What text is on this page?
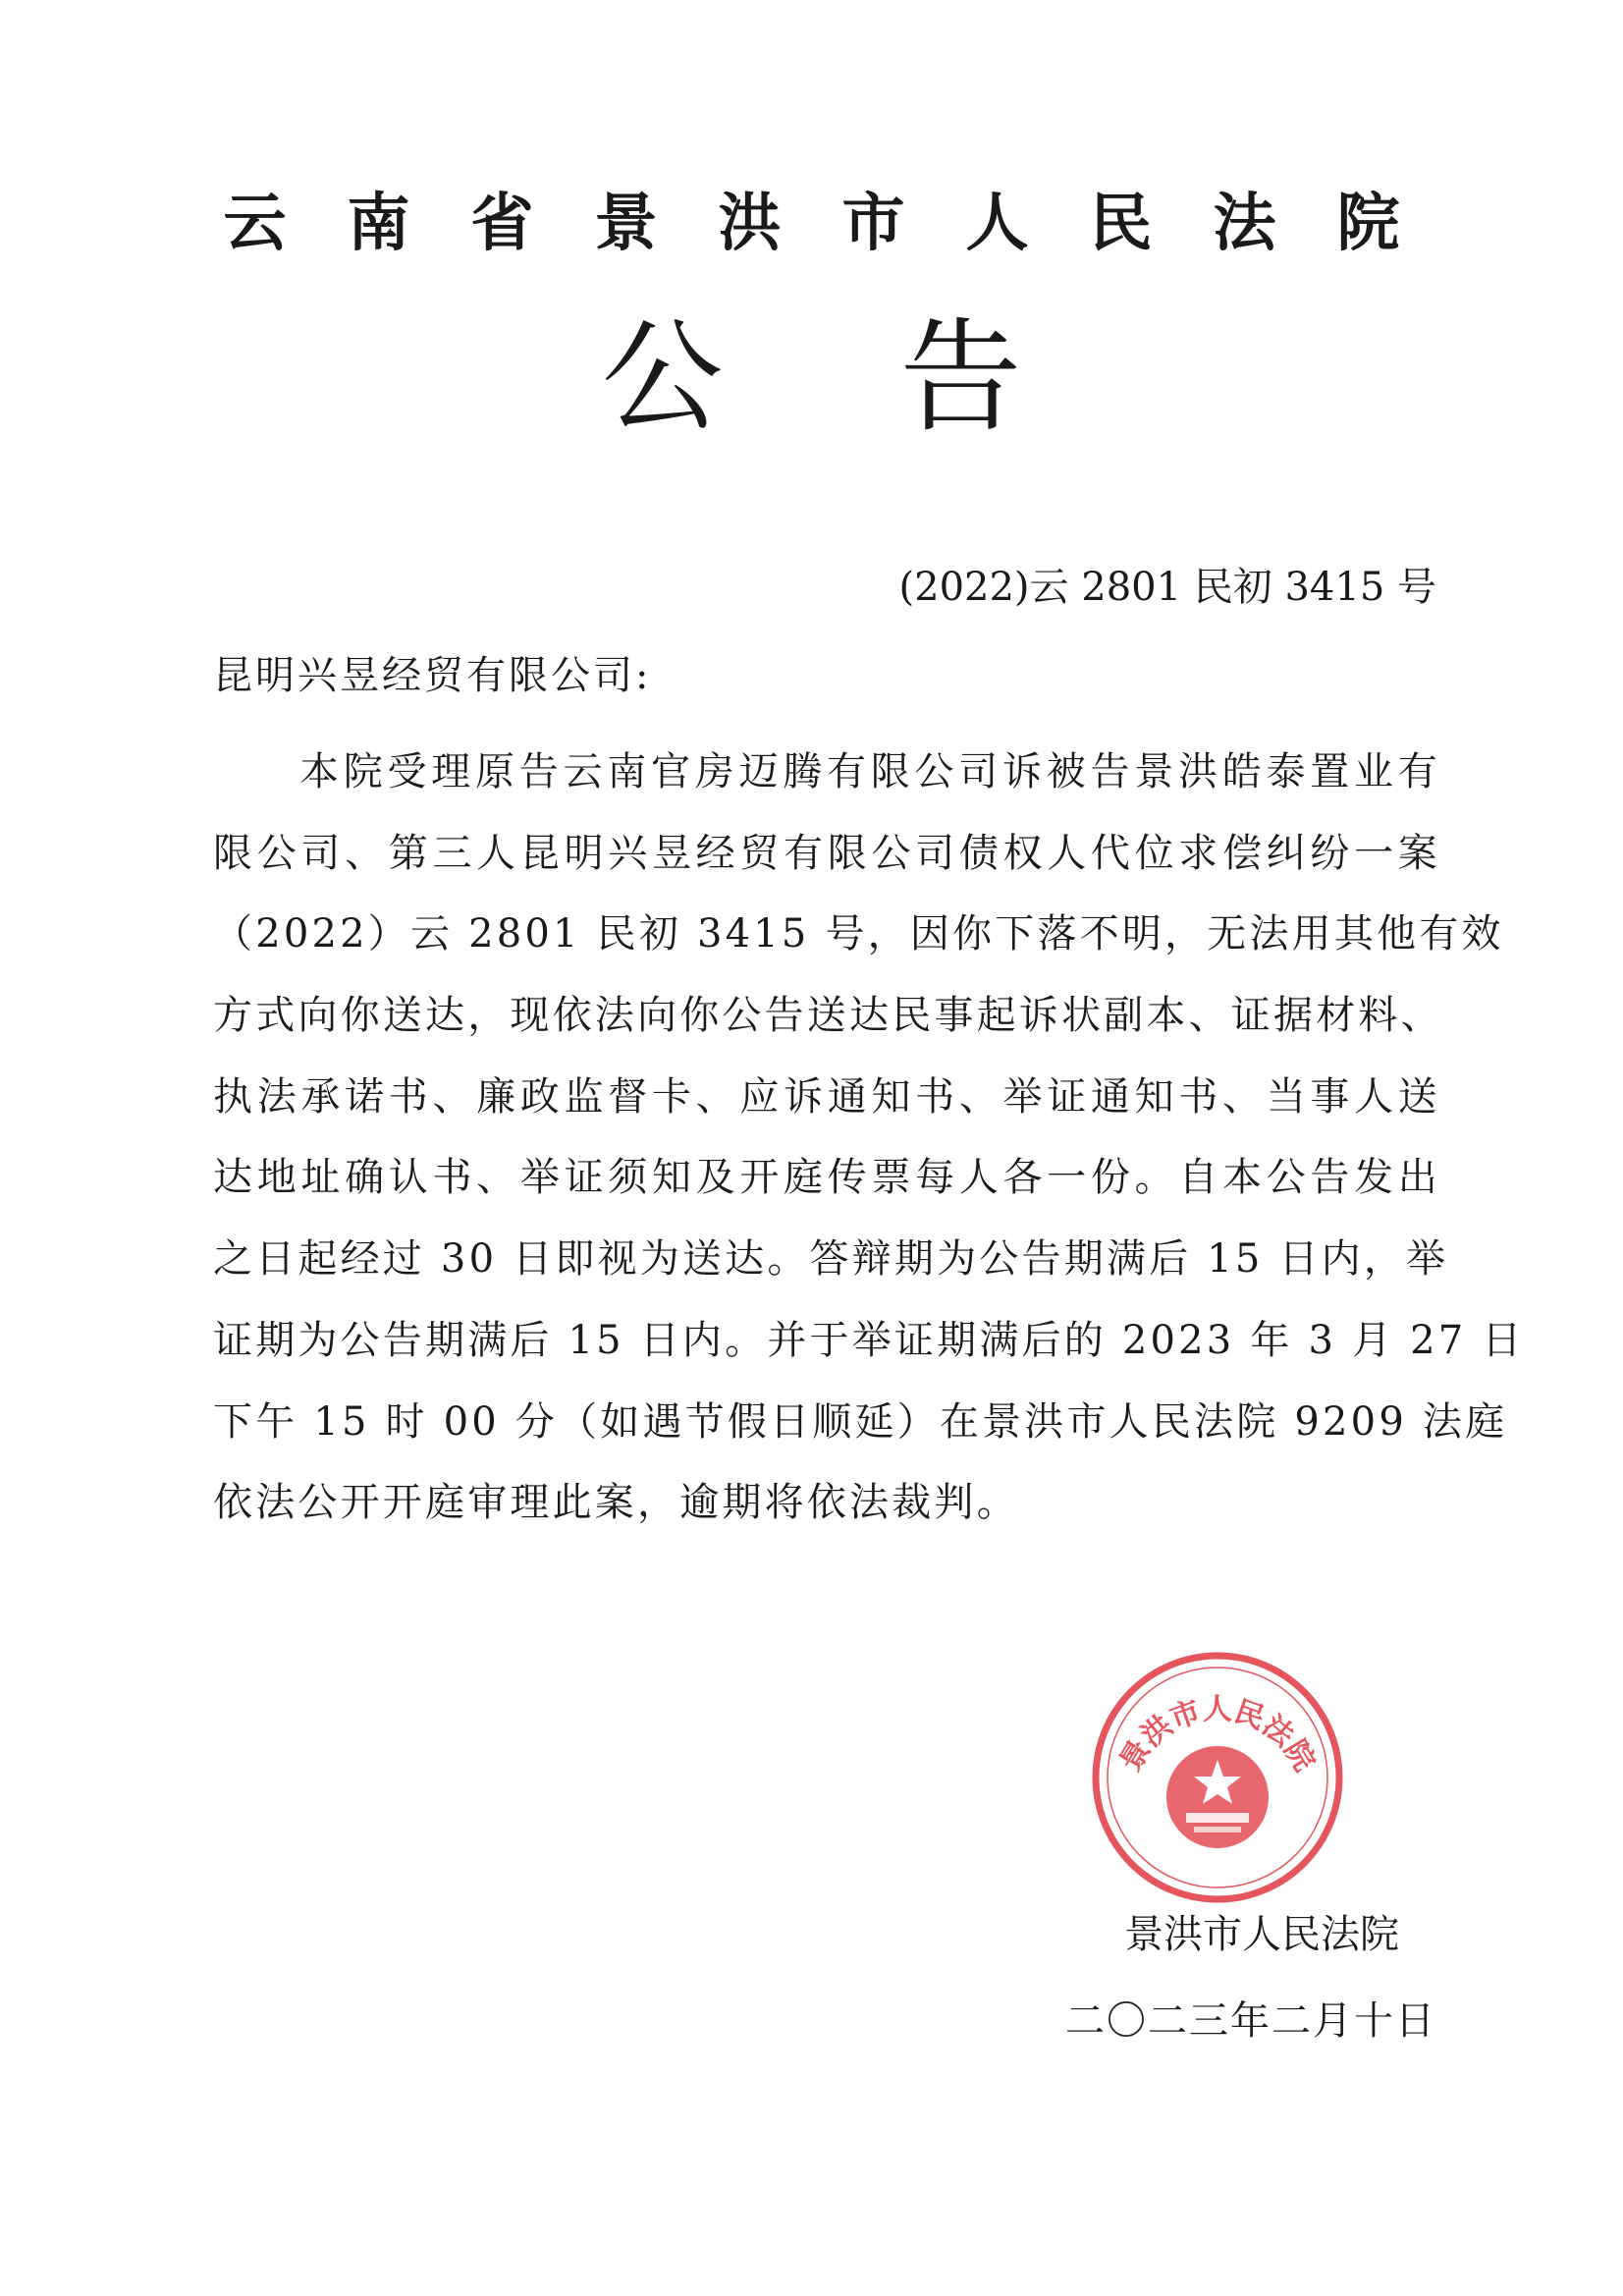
云南省景洪市人民法院
公告
(2022)云 2801 民初 3415 号
昆明兴昱经贸有限公司:
本院受理原告云南官房迈腾有限公司诉被告景洪皓泰置业有
限公司、第三人昆明兴昱经贸有限公司债权人代位求偿纠纷一案
（2022）云 2801 民初 3415 号，因你下落不明，无法用其他有效
方式向你送达，现依法向你公告送达民事起诉状副本、证据材料、
执法承诺书、廉政监督卡、应诉通知书、举证通知书、当事人送
达地址确认书、举证须知及开庭传票每人各一份。自本公告发出
之日起经过 30 日即视为送达。答辩期为公告期满后 15 日内，举
证期为公告期满后 15 日内。并于举证期满后的 2023 年 3 月 27 日
下午 15 时 00 分（如遇节假日顺延）在景洪市人民法院 9209 法庭
依法公开开庭审理此案，逾期将依法裁判。
景洪市人民法院
景洪市人民法院
二〇二三年二月十日
